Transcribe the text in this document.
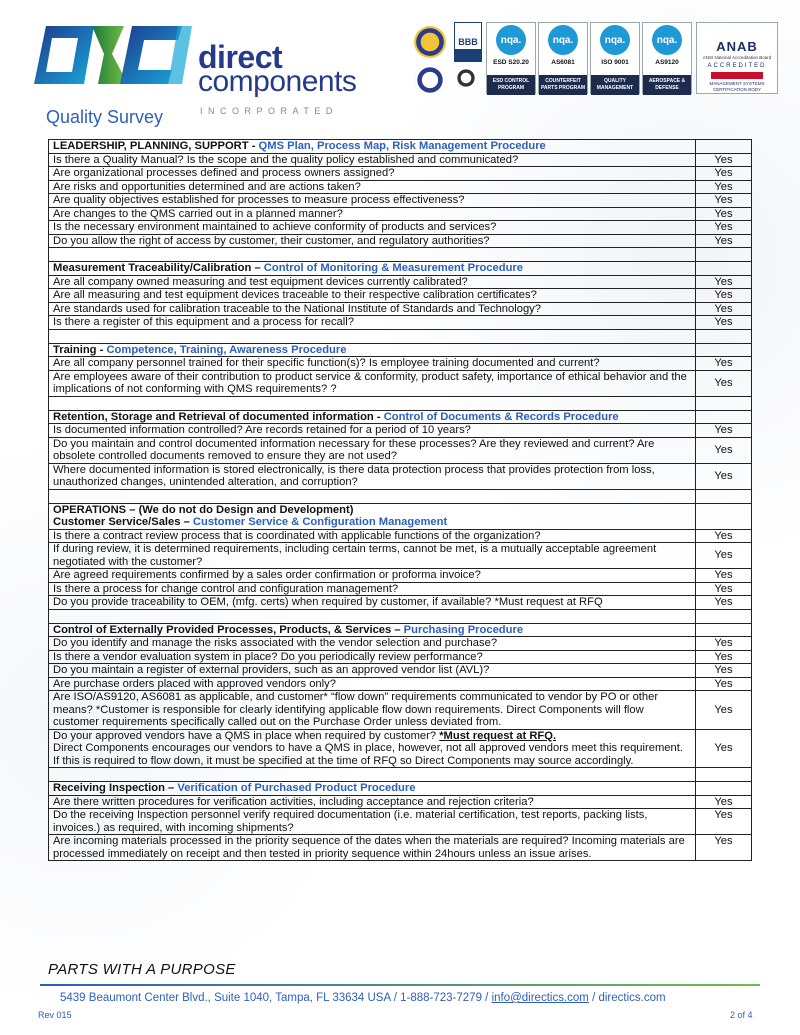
direct
components
INCORPORATED
BBB	nqa.
ESD S20.20
ESD CONTROL PROGRAM
nqa.
AS6081
COUNTERFEIT PARTS PROGRAM
nqa.
ISO 9001
QUALITY MANAGEMENT
nqa.
AS9120
AEROSPACE & DEFENSE
ANAB
ANSI National Accreditation Board
ACCREDITED
MANAGEMENT SYSTEMS CERTIFICATION BODY
Quality Survey
LEADERSHIP, PLANNING, SUPPORT - QMS Plan, Process Map, Risk Management Procedure	
Is there a Quality Manual? Is the scope and the quality policy established and communicated?	Yes
Are organizational processes defined and process owners assigned?	Yes
Are risks and opportunities determined and are actions taken?	Yes
Are quality objectives established for processes to measure process effectiveness?	Yes
Are changes to the QMS carried out in a planned manner?	Yes
Is the necessary environment maintained to achieve conformity of products and services?	Yes
Do you allow the right of access by customer, their customer, and regulatory authorities?	Yes

Measurement Traceability/Calibration – Control of Monitoring & Measurement Procedure	
Are all company owned measuring and test equipment devices currently calibrated?	Yes
Are all measuring and test equipment devices traceable to their respective calibration certificates?	Yes
Are standards used for calibration traceable to the National Institute of Standards and Technology?	Yes
Is there a register of this equipment and a process for recall?	Yes

Training - Competence, Training, Awareness Procedure	
Are all company personnel trained for their specific function(s)? Is employee training documented and current?	Yes
Are employees aware of their contribution to product service & conformity, product safety, importance of ethical behavior and the implications of not conforming with QMS requirements? ?	Yes

Retention, Storage and Retrieval of documented information - Control of Documents & Records Procedure	
Is documented information controlled? Are records retained for a period of 10 years?	Yes
Do you maintain and control documented information necessary for these processes? Are they reviewed and current? Are obsolete controlled documents removed to ensure they are not used?	Yes
Where documented information is stored electronically, is there data protection process that provides protection from loss, unauthorized changes, unintended alteration, and corruption?	Yes

OPERATIONS – (We do not do Design and Development)
Customer Service/Sales – Customer Service & Configuration Management	
Is there a contract review process that is coordinated with applicable functions of the organization?	Yes
If during review, it is determined requirements, including certain terms, cannot be met, is a mutually acceptable agreement negotiated with the customer?	Yes
Are agreed requirements confirmed by a sales order confirmation or proforma invoice?	Yes
Is there a process for change control and configuration management?	Yes
Do you provide traceability to OEM, (mfg. certs) when required by customer, if available? *Must request at RFQ	Yes

Control of Externally Provided Processes, Products, & Services – Purchasing Procedure	
Do you identify and manage the risks associated with the vendor selection and purchase?	Yes
Is there a vendor evaluation system in place? Do you periodically review performance?	Yes
Do you maintain a register of external providers, such as an approved vendor list (AVL)?	Yes
Are purchase orders placed with approved vendors only?	Yes
Are ISO/AS9120, AS6081 as applicable, and customer* “flow down” requirements communicated to vendor by PO or other means? *Customer is responsible for clearly identifying applicable flow down requirements. Direct Components will flow customer requirements specifically called out on the Purchase Order unless deviated from.	Yes
Do your approved vendors have a QMS in place when required by customer? *Must request at RFQ.
Direct Components encourages our vendors to have a QMS in place, however, not all approved vendors meet this requirement. If this is required to flow down, it must be specified at the time of RFQ so Direct Components may source accordingly.	Yes

Receiving Inspection – Verification of Purchased Product Procedure	
Are there written procedures for verification activities, including acceptance and rejection criteria?	Yes
Do the receiving Inspection personnel verify required documentation (i.e. material certification, test reports, packing lists, invoices.) as required, with incoming shipments?	Yes
Are incoming materials processed in the priority sequence of the dates when the materials are required? Incoming materials are processed immediately on receipt and then tested in priority sequence within 24hours unless an issue arises.	Yes
PARTS WITH A PURPOSE
5439 Beaumont Center Blvd., Suite 1040, Tampa, FL 33634 USA / 1-888-723-7279 / info@directics.com / directics.com
Rev 015	2 of 4
